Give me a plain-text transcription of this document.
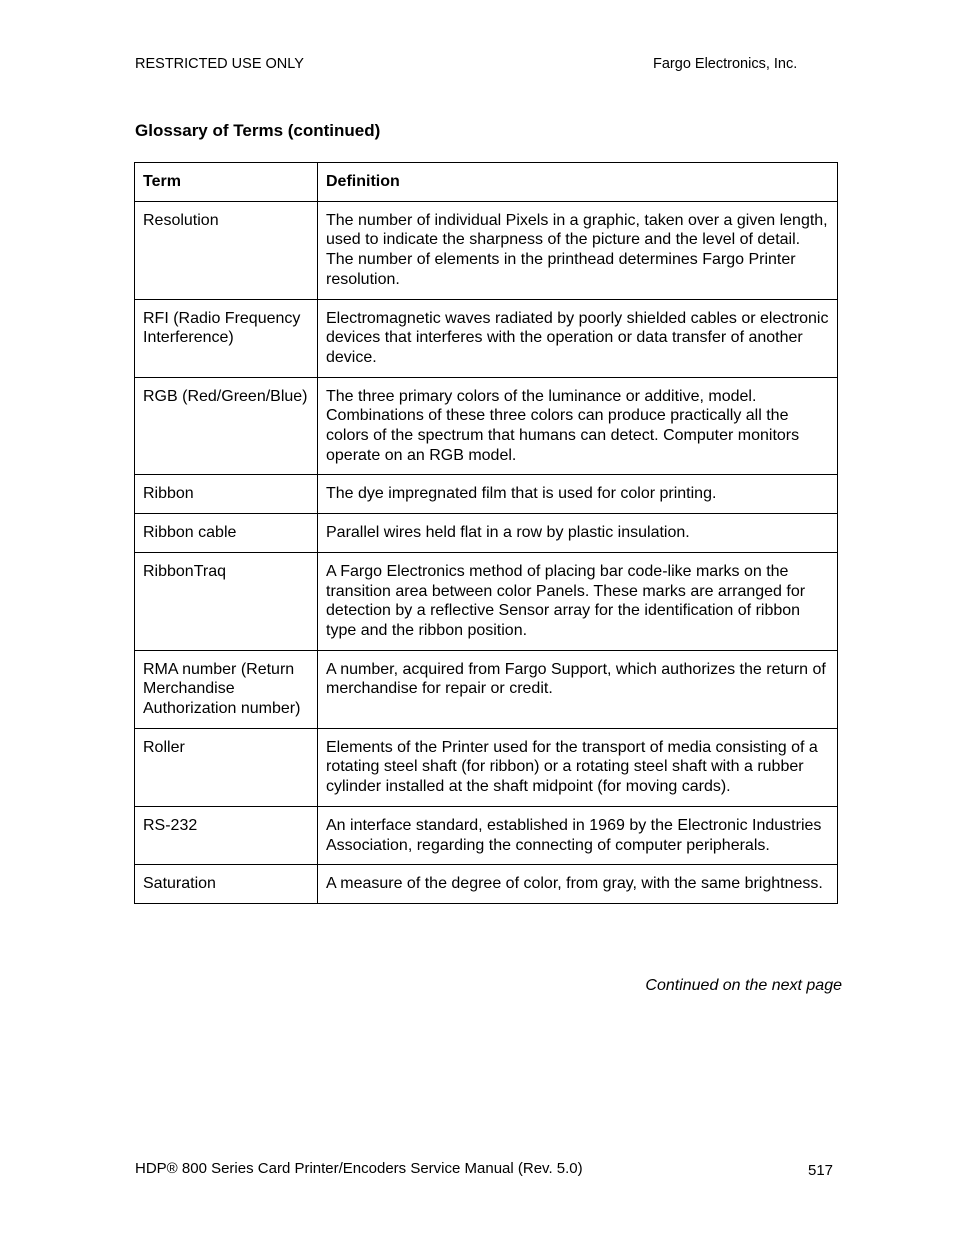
RESTRICTED USE ONLY	Fargo Electronics, Inc.
Glossary of Terms (continued)
Term	Definition
Resolution	The number of individual Pixels in a graphic, taken over a given length, used to indicate the sharpness of the picture and the level of detail. The number of elements in the printhead determines Fargo Printer resolution.
RFI (Radio Frequency Interference)	Electromagnetic waves radiated by poorly shielded cables or electronic devices that interferes with the operation or data transfer of another device.
RGB (Red/Green/Blue)	The three primary colors of the luminance or additive, model. Combinations of these three colors can produce practically all the colors of the spectrum that humans can detect. Computer monitors operate on an RGB model.
Ribbon	The dye impregnated film that is used for color printing.
Ribbon cable	Parallel wires held flat in a row by plastic insulation.
RibbonTraq	A Fargo Electronics method of placing bar code-like marks on the transition area between color Panels. These marks are arranged for detection by a reflective Sensor array for the identification of ribbon type and the ribbon position.
RMA number (Return Merchandise Authorization number)	A number, acquired from Fargo Support, which authorizes the return of merchandise for repair or credit.
Roller	Elements of the Printer used for the transport of media consisting of a rotating steel shaft (for ribbon) or a rotating steel shaft with a rubber cylinder installed at the shaft midpoint (for moving cards).
RS-232	An interface standard, established in 1969 by the Electronic Industries Association, regarding the connecting of computer peripherals.
Saturation	A measure of the degree of color, from gray, with the same brightness.
Continued on the next page
HDP® 800 Series Card Printer/Encoders Service Manual (Rev. 5.0)	517
